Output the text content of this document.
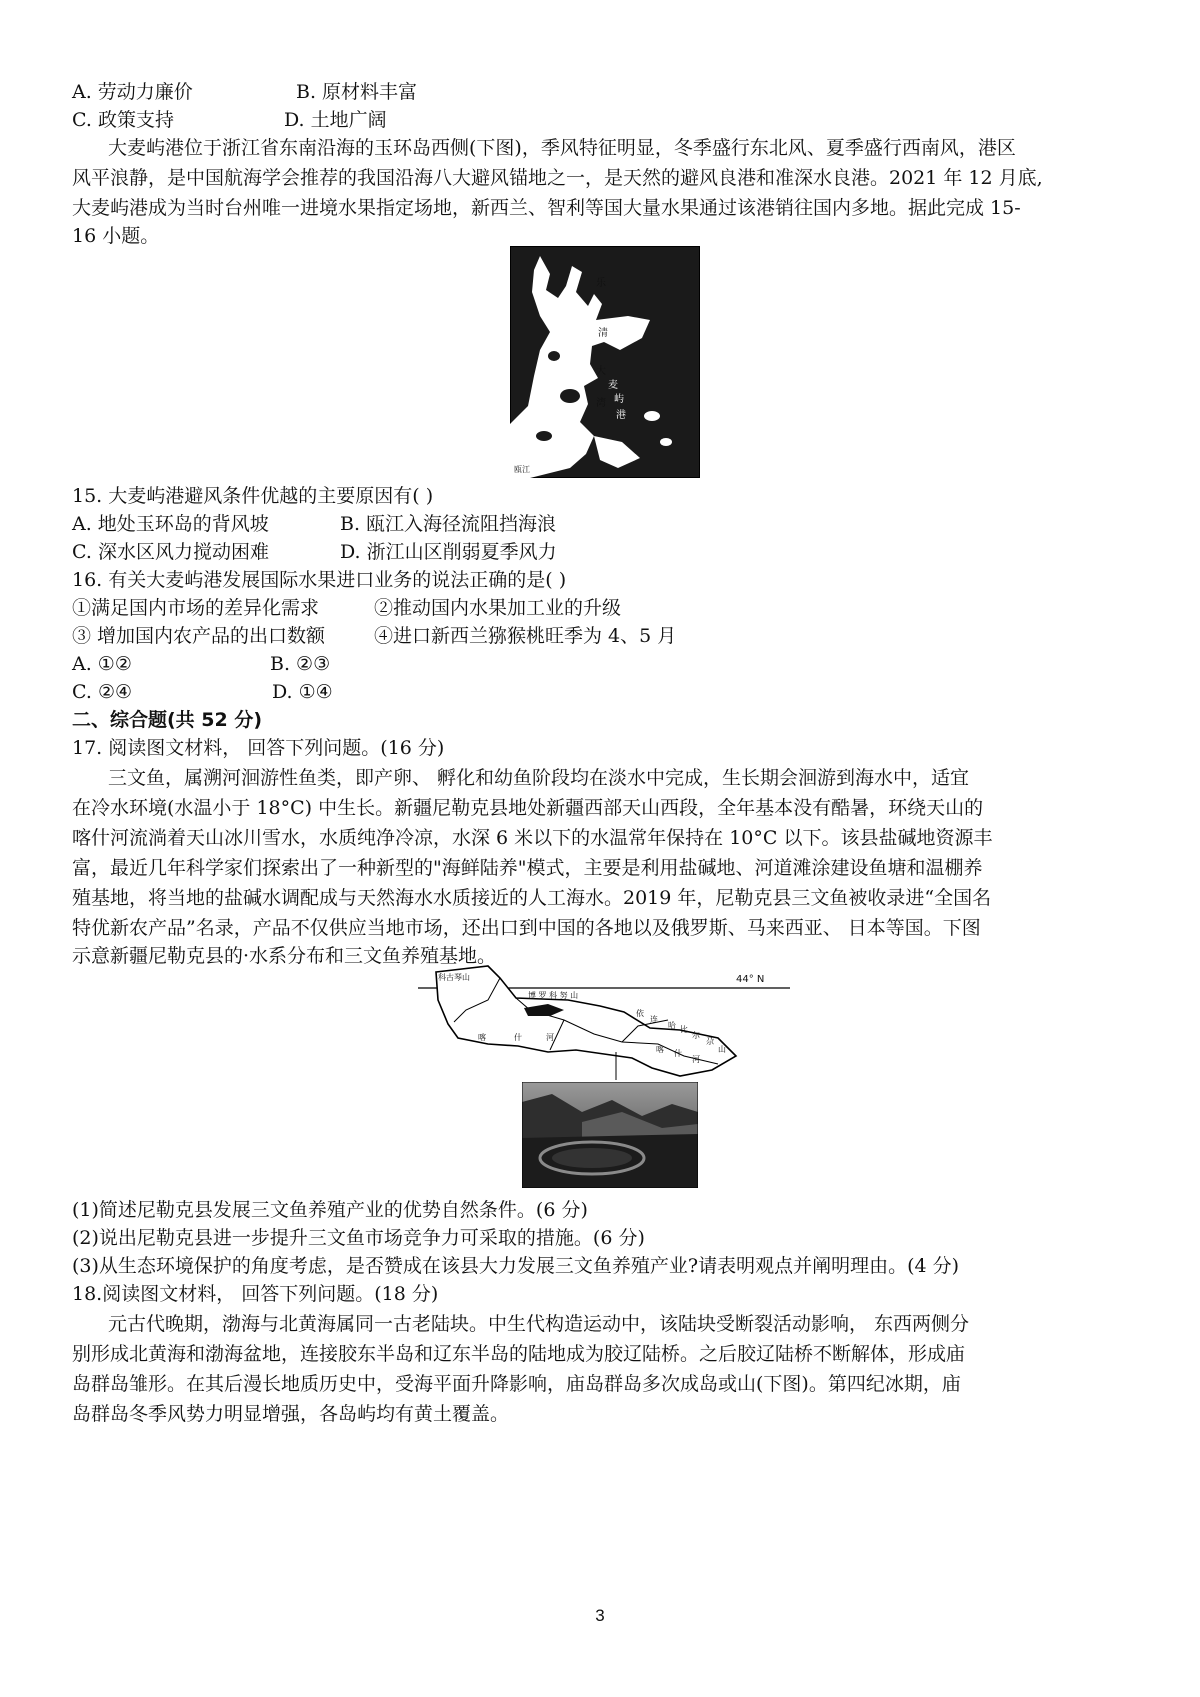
A. 劳动力廉价	B. 原材料丰富
C. 政策支持	D. 土地广阔
大麦屿港位于浙江省东南沿海的玉环岛西侧(下图)，季风特征明显，冬季盛行东北风、夏季盛行西南风，港区
风平浪静，是中国航海学会推荐的我国沿海八大避风锚地之一，是天然的避风良港和准深水良港。2021 年 12 月底,
大麦屿港成为当时台州唯一进境水果指定场地，新西兰、智利等国大量水果通过该港销往国内多地。据此完成 15-
16 小题。
乐
清
大
麦
屿
湾
港
瓯江
15. 大麦屿港避风条件优越的主要原因有( )
A. 地处玉环岛的背风坡	B. 瓯江入海径流阻挡海浪
C. 深水区风力搅动困难	D. 浙江山区削弱夏季风力
16. 有关大麦屿港发展国际水果进口业务的说法正确的是( )
①满足国内市场的差异化需求	②推动国内水果加工业的升级
③ 增加国内农产品的出口数额	④进口新西兰猕猴桃旺季为 4、5 月
A. ①②	B. ②③
C. ②④	D. ①④
二、综合题(共 52 分)
17. 阅读图文材料， 回答下列问题。(16 分)
三文鱼，属溯河洄游性鱼类，即产卵、 孵化和幼鱼阶段均在淡水中完成，生长期会洄游到海水中，适宜
在冷水环境(水温小于 18°C) 中生长。新疆尼勒克县地处新疆西部天山西段，全年基本没有酷暑，环绕天山的
喀什河流淌着天山冰川雪水，水质纯净冷凉，水深 6 米以下的水温常年保持在 10°C 以下。该县盐碱地资源丰
富，最近几年科学家们探索出了一种新型的"海鲜陆养"模式，主要是利用盐碱地、河道滩涂建设鱼塘和温棚养
殖基地，将当地的盐碱水调配成与天然海水水质接近的人工海水。2019 年，尼勒克县三文鱼被收录进“全国名
特优新农产品”名录，产品不仅供应当地市场，还出口到中国的各地以及俄罗斯、马来西亚、 日本等国。下图
示意新疆尼勒克县的·水系分布和三文鱼养殖基地。
44° N
科古琴山
博 罗 科 努 山
喀	什	河
依
连
哈 比
尔
尕
山
喀 什
河
(1)简述尼勒克县发展三文鱼养殖产业的优势自然条件。(6 分)
(2)说出尼勒克县进一步提升三文鱼市场竞争力可采取的措施。(6 分)
(3)从生态环境保护的角度考虑，是否赞成在该县大力发展三文鱼养殖产业?请表明观点并阐明理由。(4 分)
18.阅读图文材料， 回答下列问题。(18 分)
元古代晚期，渤海与北黄海属同一古老陆块。中生代构造运动中，该陆块受断裂活动影响， 东西两侧分
别形成北黄海和渤海盆地，连接胶东半岛和辽东半岛的陆地成为胶辽陆桥。之后胶辽陆桥不断解体，形成庙
岛群岛雏形。在其后漫长地质历史中，受海平面升降影响，庙岛群岛多次成岛或山(下图)。第四纪冰期，庙
岛群岛冬季风势力明显增强，各岛屿均有黄土覆盖。
3
